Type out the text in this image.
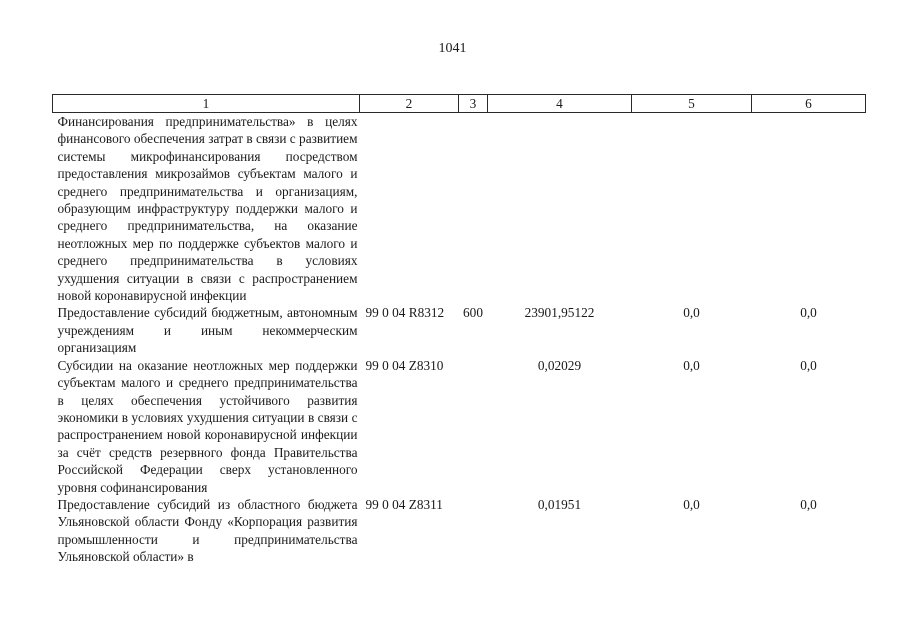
1041
1	2	3	4	5	6
Финансирования предпринимательства» в целях финансового обеспечения затрат в связи с развитием системы микрофинансирования посредством предоставления микрозаймов субъектам малого и среднего предпринимательства и организациям, образующим инфраструктуру поддержки малого и среднего предпринимательства, на оказание неотложных мер по поддержке субъектов малого и среднего предпринимательства в условиях ухудшения ситуации в связи с распространением новой коронавирусной инфекции					
Предоставление субсидий бюджетным, автономным учреждениям и иным некоммерческим организациям	99 0 04 R8312	600	23901,95122	0,0	0,0
Субсидии на оказание неотложных мер поддержки субъектам малого и среднего предпринимательства в целях обеспечения устойчивого развития экономики в условиях ухудшения ситуации в связи с распространением новой коронавирусной инфекции за счёт средств резервного фонда Правительства Российской Федерации сверх установленного уровня софинансирования	99 0 04 Z8310		0,02029	0,0	0,0
Предоставление субсидий из областного бюджета Ульяновской области Фонду «Корпорация развития промышленности и предпринимательства Ульяновской области» в	99 0 04 Z8311		0,01951	0,0	0,0
